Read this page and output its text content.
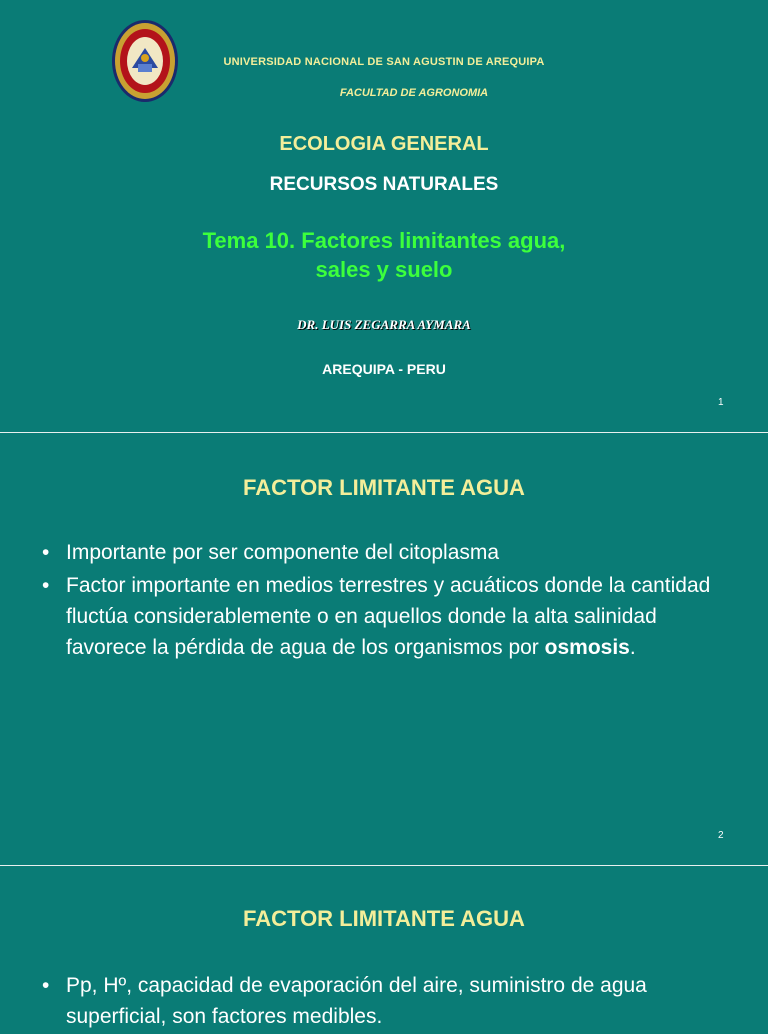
UNIVERSIDAD NACIONAL DE SAN AGUSTIN DE AREQUIPA
FACULTAD DE AGRONOMIA
ECOLOGIA GENERAL
RECURSOS NATURALES
Tema 10. Factores limitantes agua,
sales y suelo
DR. LUIS ZEGARRA AYMARA
AREQUIPA - PERU
1
FACTOR LIMITANTE AGUA
• Importante por ser componente del citoplasma
• Factor importante en medios terrestres y acuáticos donde la cantidad fluctúa considerablemente o en aquellos donde la alta salinidad favorece la pérdida de agua de los organismos por osmosis.
2
FACTOR LIMITANTE AGUA
• Pp, Hº, capacidad de evaporación del aire, suministro de agua superficial, son factores medibles.
